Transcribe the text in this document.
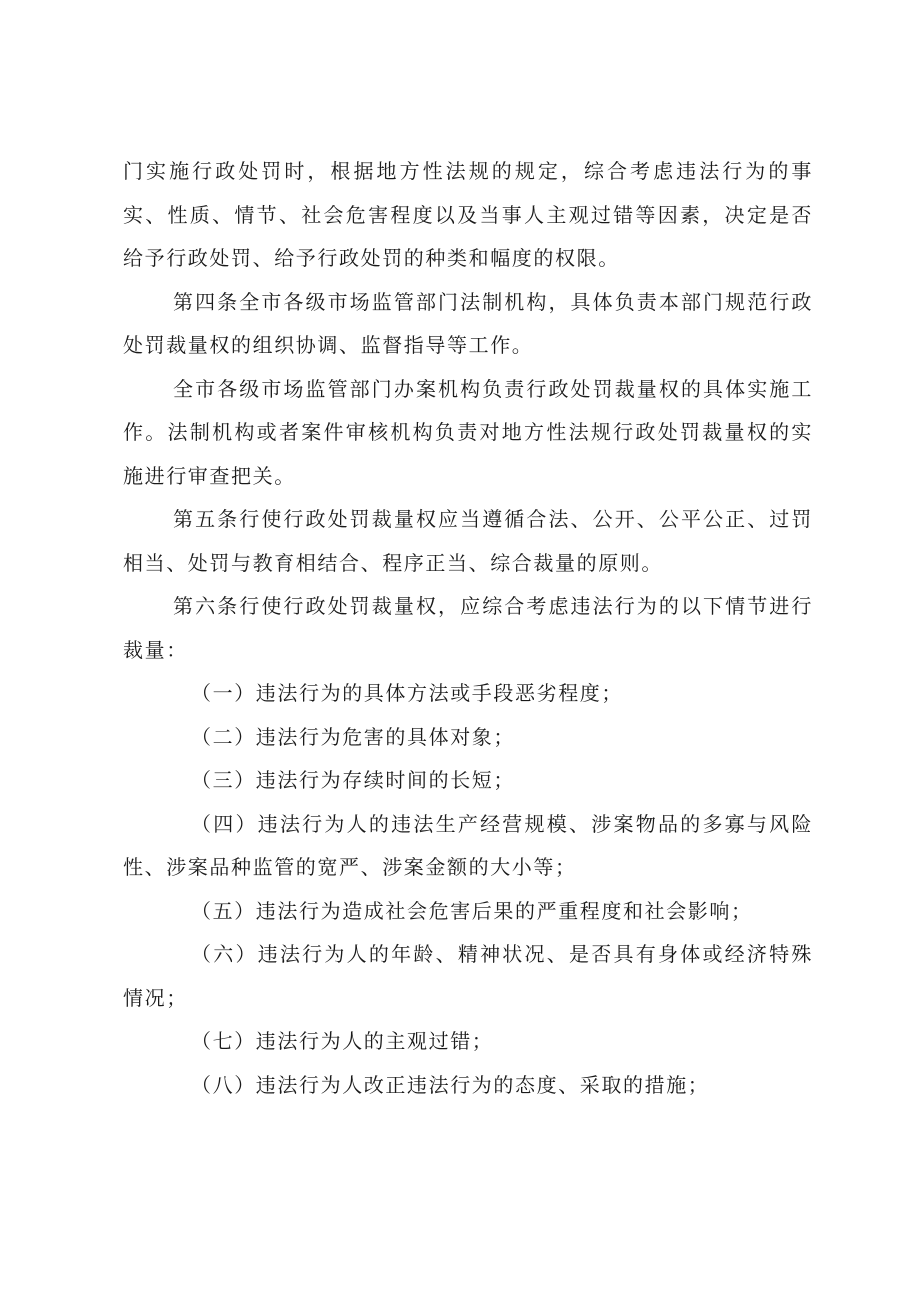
门实施行政处罚时，根据地方性法规的规定，综合考虑违法行为的事实、性质、情节、社会危害程度以及当事人主观过错等因素，决定是否给予行政处罚、给予行政处罚的种类和幅度的权限。

第四条全市各级市场监管部门法制机构，具体负责本部门规范行政处罚裁量权的组织协调、监督指导等工作。

全市各级市场监管部门办案机构负责行政处罚裁量权的具体实施工作。法制机构或者案件审核机构负责对地方性法规行政处罚裁量权的实施进行审查把关。

第五条行使行政处罚裁量权应当遵循合法、公开、公平公正、过罚相当、处罚与教育相结合、程序正当、综合裁量的原则。

第六条行使行政处罚裁量权，应综合考虑违法行为的以下情节进行裁量：

（一）违法行为的具体方法或手段恶劣程度；

（二）违法行为危害的具体对象；

（三）违法行为存续时间的长短；

（四）违法行为人的违法生产经营规模、涉案物品的多寡与风险性、涉案品种监管的宽严、涉案金额的大小等；

（五）违法行为造成社会危害后果的严重程度和社会影响；

（六）违法行为人的年龄、精神状况、是否具有身体或经济特殊情况；

（七）违法行为人的主观过错；

（八）违法行为人改正违法行为的态度、采取的措施；
